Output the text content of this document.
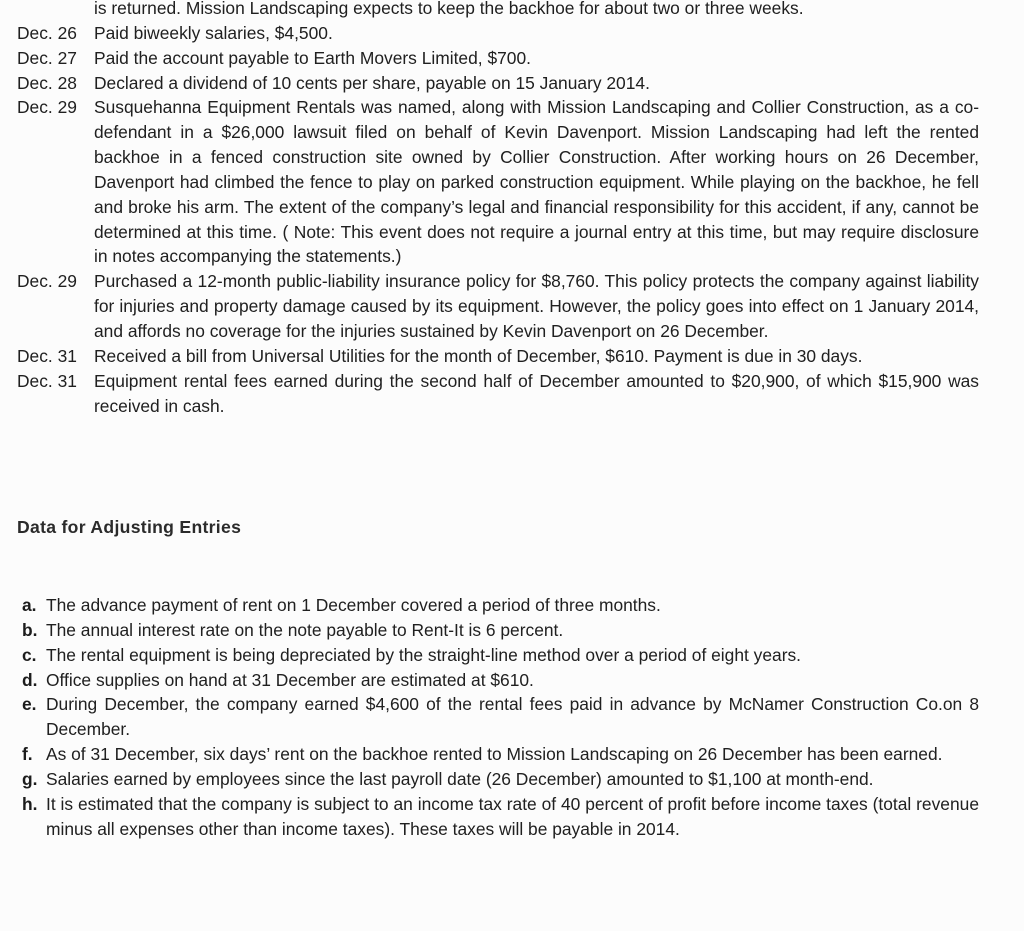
is returned. Mission Landscaping expects to keep the backhoe for about two or three weeks.
Dec. 26 Paid biweekly salaries, $4,500.
Dec. 27 Paid the account payable to Earth Movers Limited, $700.
Dec. 28 Declared a dividend of 10 cents per share, payable on 15 January 2014.
Dec. 29 Susquehanna Equipment Rentals was named, along with Mission Landscaping and Collier Construction, as a co-defendant in a $26,000 lawsuit filed on behalf of Kevin Davenport. Mission Landscaping had left the rented backhoe in a fenced construction site owned by Collier Construction. After working hours on 26 December, Davenport had climbed the fence to play on parked construction equipment. While playing on the backhoe, he fell and broke his arm. The extent of the company’s legal and financial responsibility for this accident, if any, cannot be determined at this time. ( Note: This event does not require a journal entry at this time, but may require disclosure in notes accompanying the statements.)
Dec. 29 Purchased a 12-month public-liability insurance policy for $8,760. This policy protects the company against liability for injuries and property damage caused by its equipment. However, the policy goes into effect on 1 January 2014, and affords no coverage for the injuries sustained by Kevin Davenport on 26 December.
Dec. 31 Received a bill from Universal Utilities for the month of December, $610. Payment is due in 30 days.
Dec. 31 Equipment rental fees earned during the second half of December amounted to $20,900, of which $15,900 was received in cash.
Data for Adjusting Entries
a. The advance payment of rent on 1 December covered a period of three months.
b. The annual interest rate on the note payable to Rent-It is 6 percent.
c. The rental equipment is being depreciated by the straight-line method over a period of eight years.
d. Office supplies on hand at 31 December are estimated at $610.
e. During December, the company earned $4,600 of the rental fees paid in advance by McNamer Construction Co.on 8 December.
f. As of 31 December, six days’ rent on the backhoe rented to Mission Landscaping on 26 December has been earned.
g. Salaries earned by employees since the last payroll date (26 December) amounted to $1,100 at month-end.
h. It is estimated that the company is subject to an income tax rate of 40 percent of profit before income taxes (total revenue minus all expenses other than income taxes). These taxes will be payable in 2014.
